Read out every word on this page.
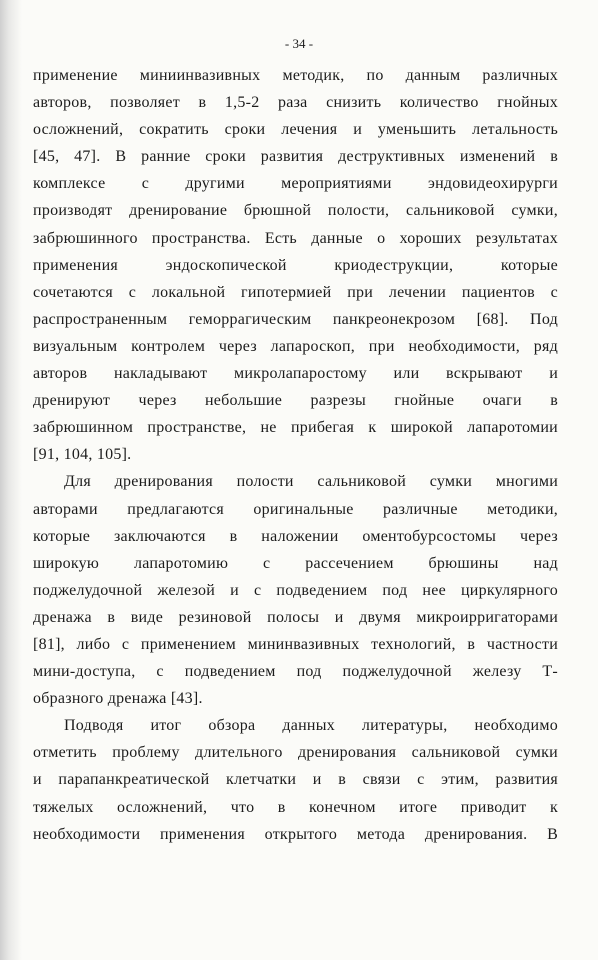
- 34 -
применение миниинвазивных методик, по данным различных
авторов, позволяет в 1,5-2 раза снизить количество гнойных
осложнений, сократить сроки лечения и уменьшить летальность
[45, 47]. В ранние сроки развития деструктивных изменений в
комплексе с другими мероприятиями эндовидеохирурги
производят дренирование брюшной полости, сальниковой сумки,
забрюшинного пространства. Есть данные о хороших результатах
применения эндоскопической криодеструкции, которые
сочетаются с локальной гипотермией при лечении пациентов с
распространенным геморрагическим панкреонекрозом [68]. Под
визуальным контролем через лапароскоп, при необходимости, ряд
авторов накладывают микролапаростому или вскрывают и
дренируют через небольшие разрезы гнойные очаги в
забрюшинном пространстве, не прибегая к широкой лапаротомии
[91, 104, 105].
Для дренирования полости сальниковой сумки многими
авторами предлагаются оригинальные различные методики,
которые заключаются в наложении оментобурсостомы через
широкую лапаротомию с рассечением брюшины над
поджелудочной железой и с подведением под нее циркулярного
дренажа в виде резиновой полосы и двумя микроирригаторами
[81], либо с применением мининвазивных технологий, в частности
мини-доступа, с подведением под поджелудочной железу Т-
образного дренажа [43].
Подводя итог обзора данных литературы, необходимо
отметить проблему длительного дренирования сальниковой сумки
и парапанкреатической клетчатки и в связи с этим, развития
тяжелых осложнений, что в конечном итоге приводит к
необходимости применения открытого метода дренирования. В
